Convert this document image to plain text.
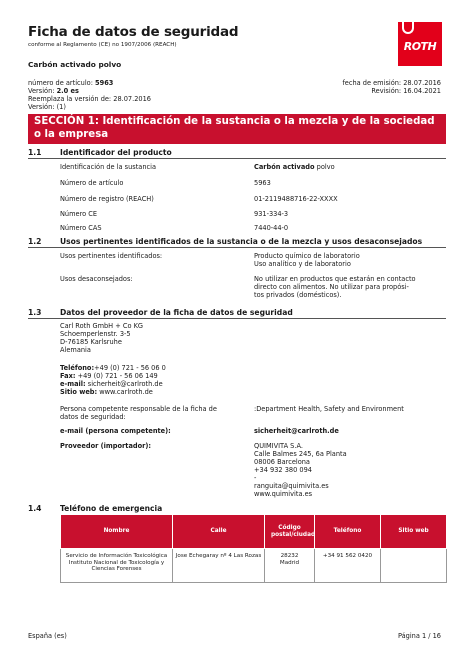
Ficha de datos de seguridad
conforme al Reglamento (CE) no 1907/2006 (REACH)	ROTH
Carbón activado polvo
número de artículo: 5963
Versión: 2.0 es
Reemplaza la versión de: 28.07.2016
Versión: (1)
fecha de emisión: 28.07.2016
Revisión: 16.04.2021
SECCIÓN 1: Identificación de la sustancia o la mezcla y de la sociedad o la empresa
1.1 Identificador del producto
Identificación de la sustancia	Carbón activado polvo
Número de artículo	5963
Número de registro (REACH)	01-2119488716-22-XXXX
Número CE	931-334-3
Número CAS	7440-44-0
1.2 Usos pertinentes identificados de la sustancia o de la mezcla y usos desaconsejados
Usos pertinentes identificados:	Producto químico de laboratorio
Uso analítico y de laboratorio
Usos desaconsejados:	No utilizar en productos que estarán en contacto
directo con alimentos. No utilizar para propósi-
tos privados (domésticos).
1.3 Datos del proveedor de la ficha de datos de seguridad
Carl Roth GmbH + Co KG
Schoemperlenstr. 3-5
D-76185 Karlsruhe
Alemania
Teléfono:+49 (0) 721 - 56 06 0
Fax: +49 (0) 721 - 56 06 149
e-mail: sicherheit@carlroth.de
Sitio web: www.carlroth.de
Persona competente responsable de la ficha de
datos de seguridad:
:Department Health, Safety and Environment
e-mail (persona competente):	sicherheit@carlroth.de
Proveedor (importador):	QUIMIVITA S.A.
Calle Balmes 245, 6a Planta
08006 Barcelona
+34 932 380 094
-
ranguita@quimivita.es
www.quimivita.es
1.4 Teléfono de emergencia
Nombre	Calle	Código postal/ciudad	Teléfono	Sitio web
Servicio de Información Toxicológica Instituto Nacional de Toxicología y Ciencias Forenses	Jose Echegaray nº 4 Las Rozas	28232 Madrid	+34 91 562 0420	
España (es)	Página 1 / 16
